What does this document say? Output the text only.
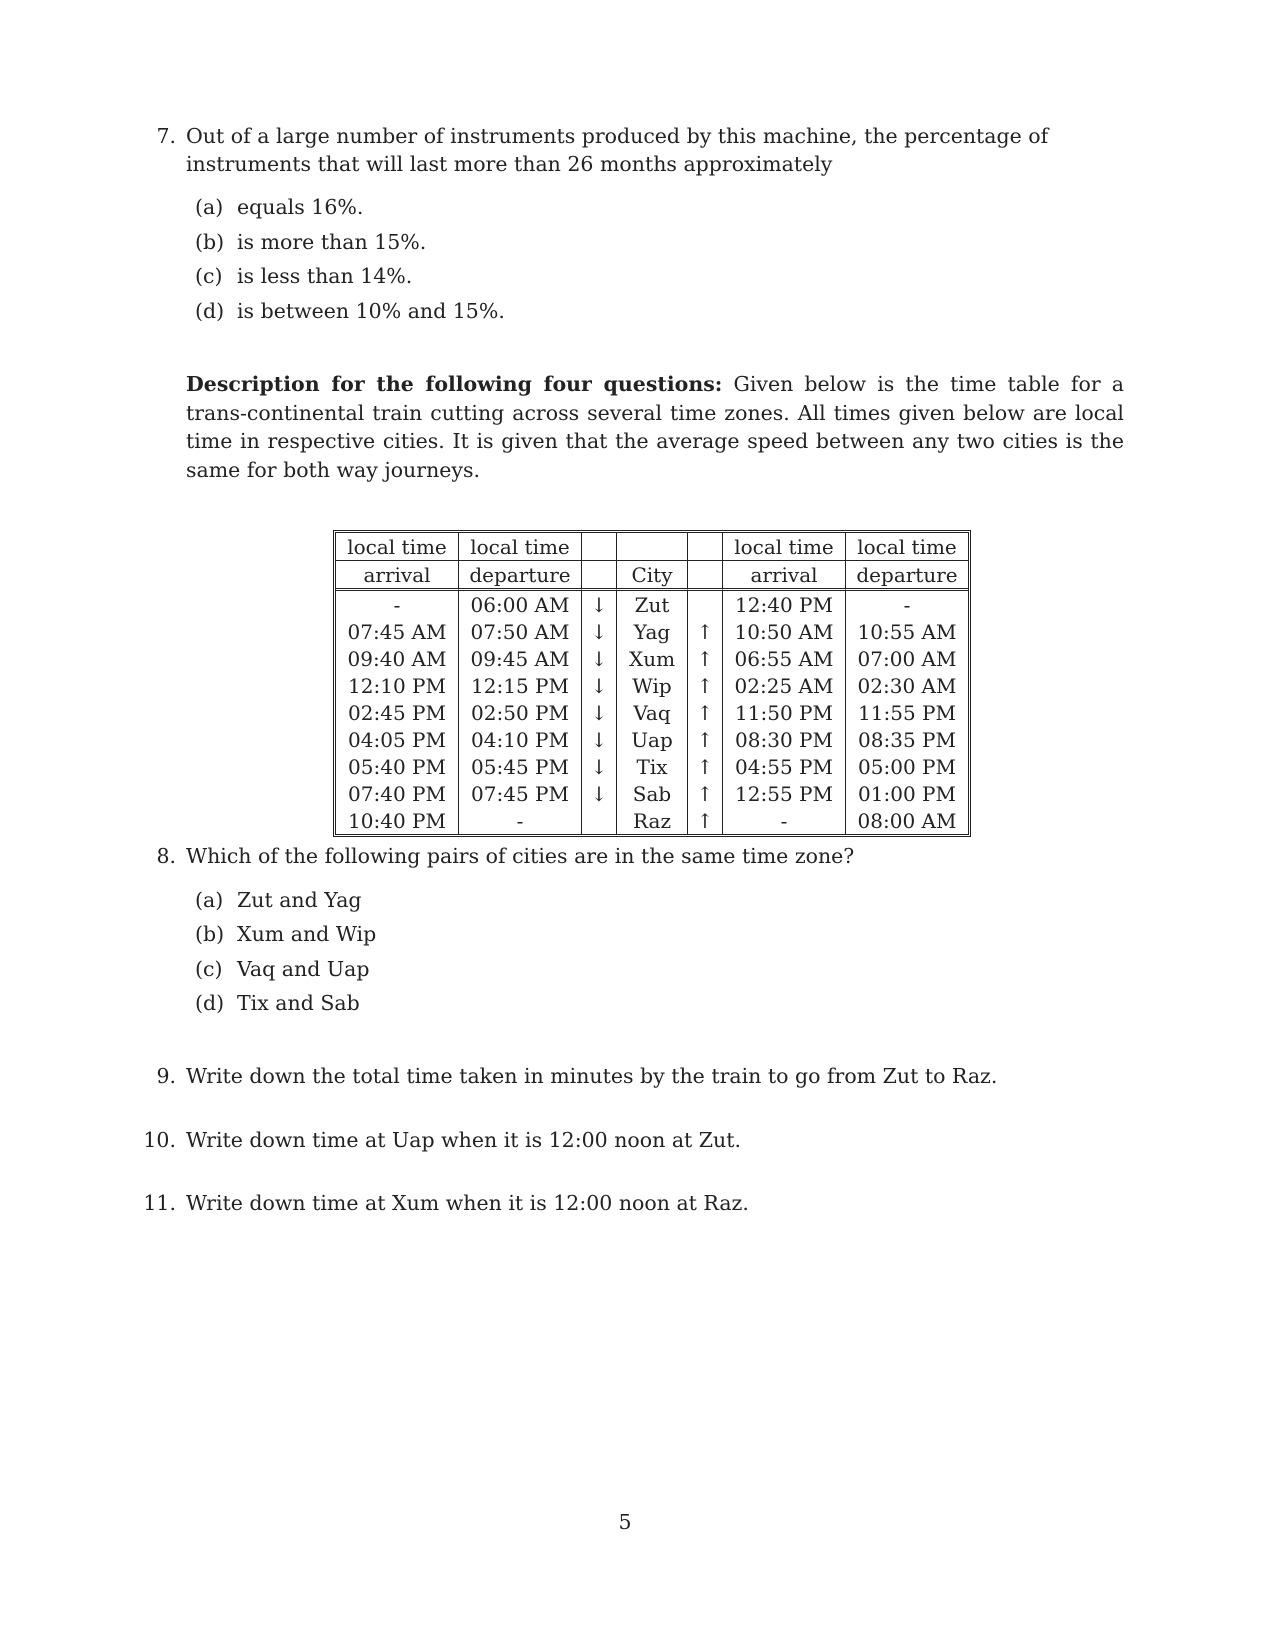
7. Out of a large number of instruments produced by this machine, the percentage of instruments that will last more than 26 months approximately
(a) equals 16%.
(b) is more than 15%.
(c) is less than 14%.
(d) is between 10% and 15%.
Description for the following four questions: Given below is the time table for a trans-continental train cutting across several time zones. All times given below are local time in respective cities. It is given that the average speed between any two cities is the same for both way journeys.
local time	local time				local time	local time
arrival	departure		City		arrival	departure
-	06:00 AM	↓	Zut		12:40 PM	-
07:45 AM	07:50 AM	↓	Yag	↑	10:50 AM	10:55 AM
09:40 AM	09:45 AM	↓	Xum	↑	06:55 AM	07:00 AM
12:10 PM	12:15 PM	↓	Wip	↑	02:25 AM	02:30 AM
02:45 PM	02:50 PM	↓	Vaq	↑	11:50 PM	11:55 PM
04:05 PM	04:10 PM	↓	Uap	↑	08:30 PM	08:35 PM
05:40 PM	05:45 PM	↓	Tix	↑	04:55 PM	05:00 PM
07:40 PM	07:45 PM	↓	Sab	↑	12:55 PM	01:00 PM
10:40 PM	-		Raz	↑	-	08:00 AM
8. Which of the following pairs of cities are in the same time zone?
(a) Zut and Yag
(b) Xum and Wip
(c) Vaq and Uap
(d) Tix and Sab
9. Write down the total time taken in minutes by the train to go from Zut to Raz.
10. Write down time at Uap when it is 12:00 noon at Zut.
11. Write down time at Xum when it is 12:00 noon at Raz.
5
